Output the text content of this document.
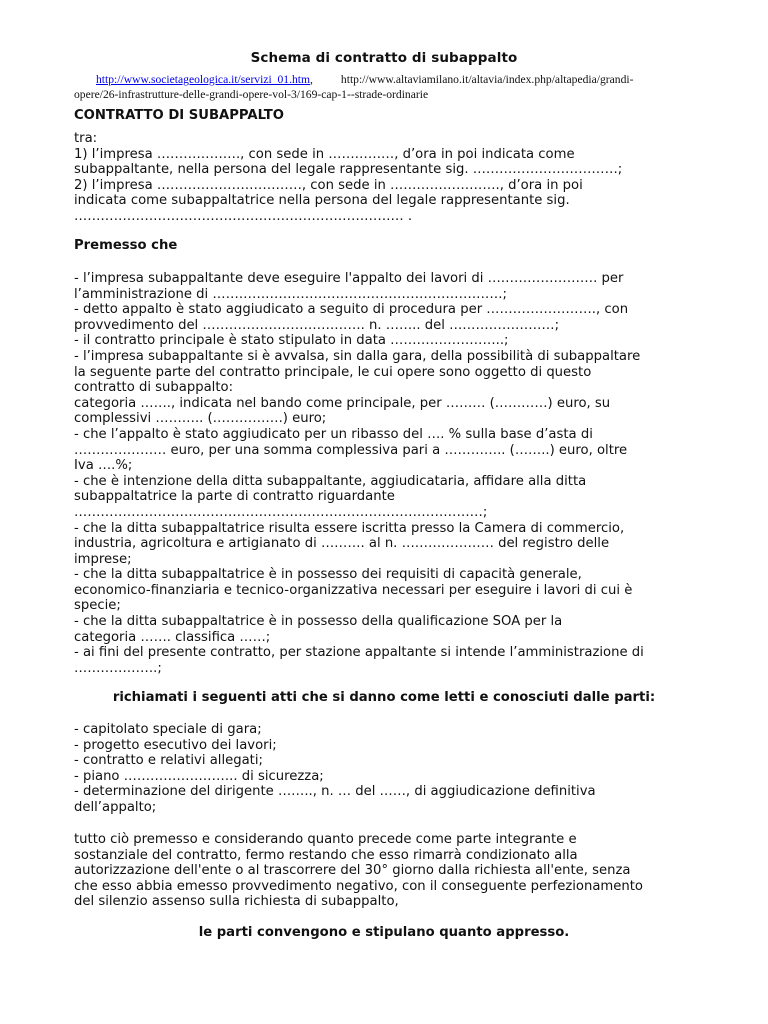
Schema di contratto di subappalto
http://www.societageologica.it/servizi_01.htm, http://www.altaviamilano.it/altavia/index.php/altapedia/grandi-
opere/26-infrastrutture-delle-grandi-opere-vol-3/169-cap-1--strade-ordinarie
CONTRATTO DI SUBAPPALTO
tra:
1) l’impresa ………………., con sede in ……………, d’ora in poi indicata come
subappaltante, nella persona del legale rappresentante sig. ……………………………;
2) l’impresa ……………………………, con sede in ……………………., d’ora in poi
indicata come subappaltatrice nella persona del legale rappresentante sig.
………………………………………………………………… .
Premesso che
- l’impresa subappaltante deve eseguire l'appalto dei lavori di ……………………. per
l’amministrazione di …………………………………………………………;
- detto appalto è stato aggiudicato a seguito di procedura per ……………………., con
provvedimento del ………………………………. n. …….. del ……………………;
- il contratto principale è stato stipulato in data ……………………..;
- l’impresa subappaltante si è avvalsa, sin dalla gara, della possibilità di subappaltare
la seguente parte del contratto principale, le cui opere sono oggetto di questo
contratto di subappalto:
categoria ……., indicata nel bando come principale, per ……… (…………) euro, su
complessivi ……….. (…………….) euro;
- che l’appalto è stato aggiudicato per un ribasso del …. % sulla base d’asta di
………………… euro, per una somma complessiva pari a ………….. (……..) euro, oltre
Iva ….%;
- che è intenzione della ditta subappaltante, aggiudicataria, affidare alla ditta
subappaltatrice la parte di contratto riguardante
…………………………………………………………………………………;
- che la ditta subappaltatrice risulta essere iscritta presso la Camera di commercio,
industria, agricoltura e artigianato di ………. al n. ………………… del registro delle
imprese;
- che la ditta subappaltatrice è in possesso dei requisiti di capacità generale,
economico-finanziaria e tecnico-organizzativa necessari per eseguire i lavori di cui è
specie;
- che la ditta subappaltatrice è in possesso della qualificazione SOA per la
categoria ……. classifica ……;
- ai fini del presente contratto, per stazione appaltante si intende l’amministrazione di
……………….;
richiamati i seguenti atti che si danno come letti e conosciuti dalle parti:
- capitolato speciale di gara;
- progetto esecutivo dei lavori;
- contratto e relativi allegati;
- piano …………………….. di sicurezza;
- determinazione del dirigente …….., n. … del ……, di aggiudicazione definitiva
dell’appalto;
tutto ciò premesso e considerando quanto precede come parte integrante e
sostanziale del contratto, fermo restando che esso rimarrà condizionato alla
autorizzazione dell'ente o al trascorrere del 30° giorno dalla richiesta all'ente, senza
che esso abbia emesso provvedimento negativo, con il conseguente perfezionamento
del silenzio assenso sulla richiesta di subappalto,
le parti convengono e stipulano quanto appresso.
